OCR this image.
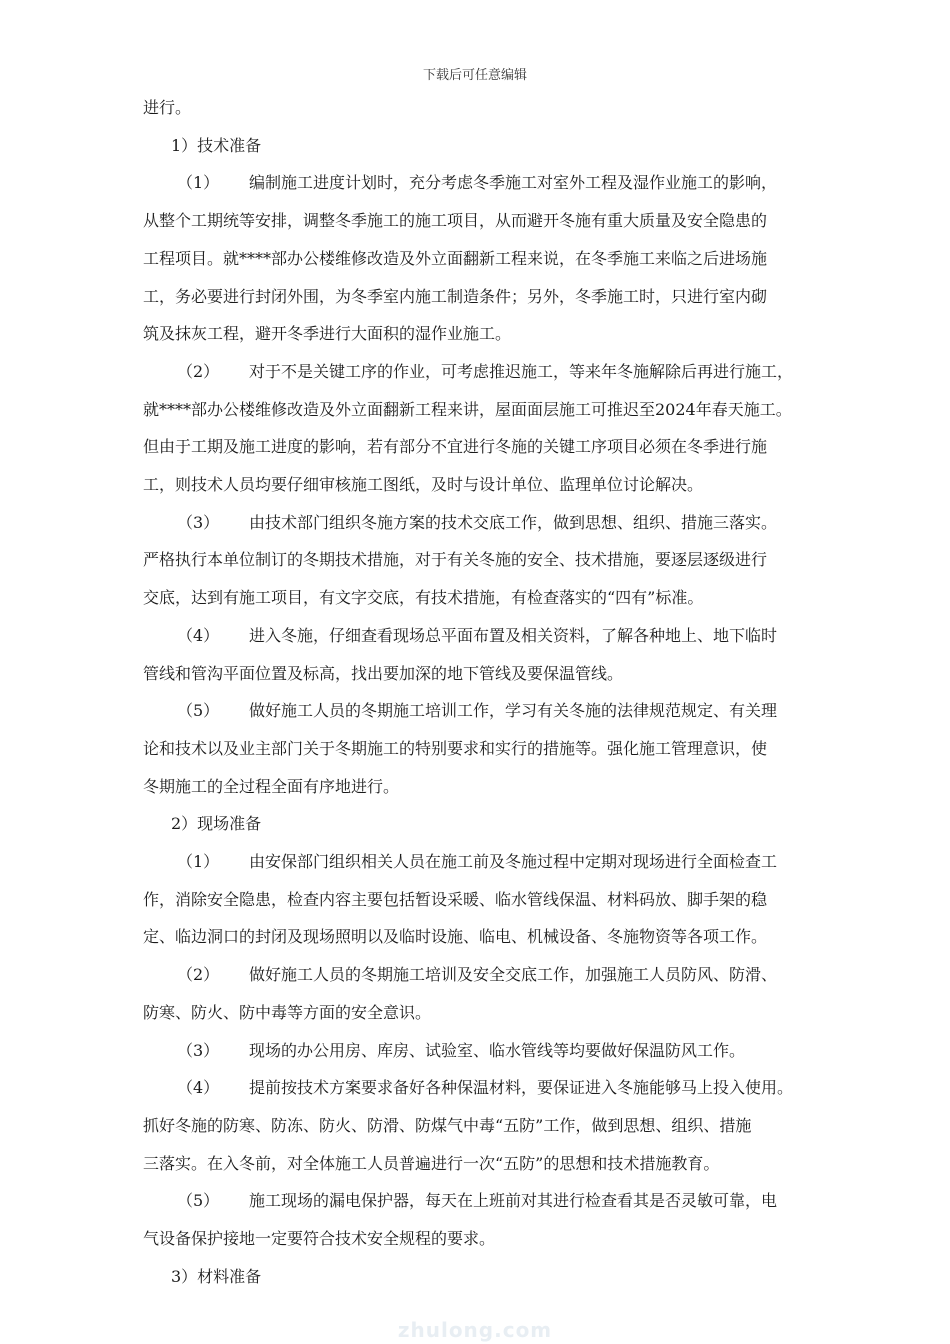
下载后可任意编辑
进行。
1）技术准备
（1） 编制施工进度计划时，充分考虑冬季施工对室外工程及湿作业施工的影响，
从整个工期统等安排，调整冬季施工的施工项目，从而避开冬施有重大质量及安全隐患的
工程项目。就****部办公楼维修改造及外立面翻新工程来说，在冬季施工来临之后进场施
工，务必要进行封闭外围，为冬季室内施工制造条件；另外，冬季施工时，只进行室内砌
筑及抹灰工程，避开冬季进行大面积的湿作业施工。
（2） 对于不是关键工序的作业，可考虑推迟施工，等来年冬施解除后再进行施工，
就****部办公楼维修改造及外立面翻新工程来讲，屋面面层施工可推迟至2024年春天施工。
但由于工期及施工进度的影响，若有部分不宜进行冬施的关键工序项目必须在冬季进行施
工，则技术人员均要仔细审核施工图纸，及时与设计单位、监理单位讨论解决。
（3） 由技术部门组织冬施方案的技术交底工作，做到思想、组织、措施三落实。
严格执行本单位制订的冬期技术措施，对于有关冬施的安全、技术措施，要逐层逐级进行
交底，达到有施工项目，有文字交底，有技术措施，有检查落实的“四有”标准。
（4） 进入冬施，仔细查看现场总平面布置及相关资料，了解各种地上、地下临时
管线和管沟平面位置及标高，找出要加深的地下管线及要保温管线。
（5） 做好施工人员的冬期施工培训工作，学习有关冬施的法律规范规定、有关理
论和技术以及业主部门关于冬期施工的特别要求和实行的措施等。强化施工管理意识，使
冬期施工的全过程全面有序地进行。
2）现场准备
（1） 由安保部门组织相关人员在施工前及冬施过程中定期对现场进行全面检查工
作，消除安全隐患，检查内容主要包括暂设采暖、临水管线保温、材料码放、脚手架的稳
定、临边洞口的封闭及现场照明以及临时设施、临电、机械设备、冬施物资等各项工作。
（2） 做好施工人员的冬期施工培训及安全交底工作，加强施工人员防风、防滑、
防寒、防火、防中毒等方面的安全意识。
（3） 现场的办公用房、库房、试验室、临水管线等均要做好保温防风工作。
（4） 提前按技术方案要求备好各种保温材料，要保证进入冬施能够马上投入使用。
抓好冬施的防寒、防冻、防火、防滑、防煤气中毒“五防”工作，做到思想、组织、措施
三落实。在入冬前，对全体施工人员普遍进行一次“五防”的思想和技术措施教育。
（5） 施工现场的漏电保护器，每天在上班前对其进行检查看其是否灵敏可靠，电
气设备保护接地一定要符合技术安全规程的要求。
3）材料准备
zhulong.com
